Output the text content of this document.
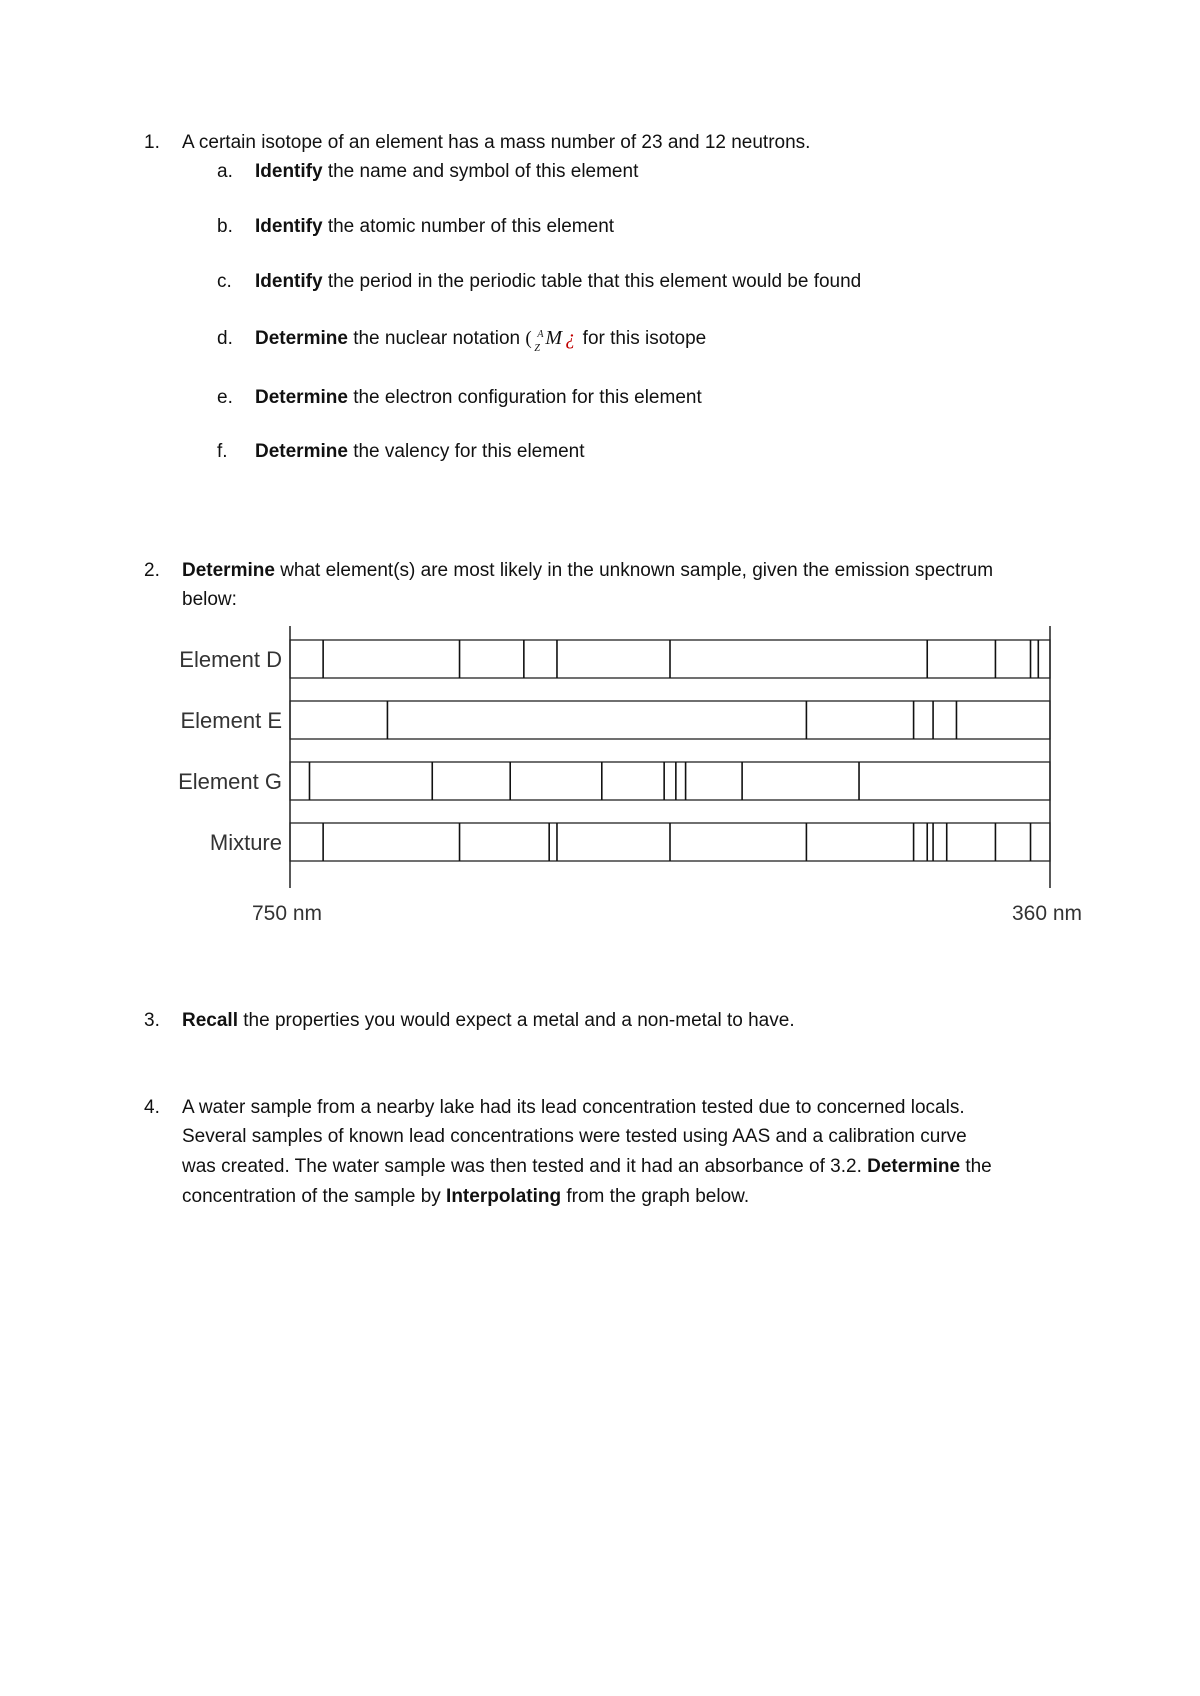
1. A certain isotope of an element has a mass number of 23 and 12 neutrons.
a. Identify the name and symbol of this element
b. Identify the atomic number of this element
c. Identify the period in the periodic table that this element would be found
d. Determine the nuclear notation ( A
Z M ¿ for this isotope
e. Determine the electron configuration for this element
f. Determine the valency for this element
2. Determine what element(s) are most likely in the unknown sample, given the emission spectrum
below:
Element D
Element E
Element G
Mixture
750 nm	360 nm
3. Recall the properties you would expect a metal and a non-metal to have.
4. A water sample from a nearby lake had its lead concentration tested due to concerned locals.
Several samples of known lead concentrations were tested using AAS and a calibration curve
was created. The water sample was then tested and it had an absorbance of 3.2. Determine the
concentration of the sample by Interpolating from the graph below.
